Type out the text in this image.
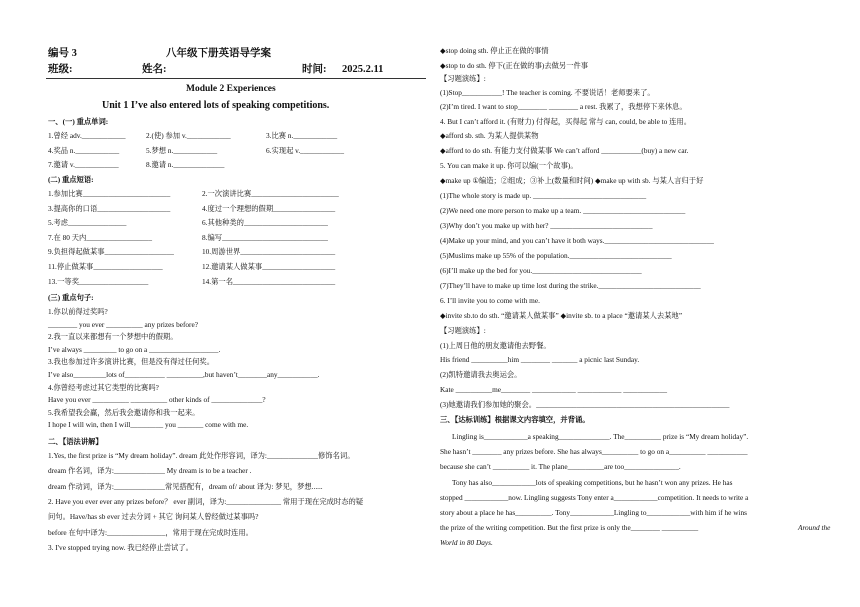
编号 3	八年级下册英语导学案
班级:	姓名:	时间: 2025.2.11
Module 2 Experiences
Unit 1 I’ve also entered lots of speaking competitions.
一、(一) 重点单词:
1.曾经 adv.____________	2.(使) 参加 v.____________	3.比赛 n.____________
4.奖品 n.____________	5.梦想 n.____________	6.实现起 v.____________
7.邀请 v.____________	8.邀请 n.______________
(二) 重点短语:
1.参加比赛________________________	2.一次演讲比赛________________________
3.提高你的口语____________________	4.度过一个理想的假期_________________
5.考虑________________	6.其他种类的_______________________
7.在 80 天内__________________	8.编写_____________________________
9.负担得起做某事___________________	10.周游世界__________________________
11.停止做某事___________________	12.邀请某人做某事____________________
13.一等奖___________________	14.第一名____________________________
(三) 重点句子:
1.你以前得过奖吗?
________ you ever __________ any prizes before?
2.我一直以来都想有一个梦想中的假期。
I’ve always _________ to go on a ___________________.
3.我也参加过许多演讲比赛，但是没有得过任何奖。
I’ve also_________lots of___________ __________,but haven’t________any___________.
4.你曾经考虑过其它类型的比赛吗?
Have you ever __________ __________ other kinds of ______________?
5.我希望我会赢，然后我会邀请你和我一起来。
I hope I will win, then I will_________ you _______ come with me.
二、【语法讲解】
1.Yes, the first prize is “My dream holiday”. dream 此处作形容词，译为:______________修饰名词。
dream 作名词，译为:______________ My dream is to be a teacher .
dream 作动词，译为:______________常见搭配有，dream of/ about 译为: 梦见，梦想......
2. Have you ever ever any prizes before？ ever 副词，译为:_______________ 常用于现在完成时态的疑
问句。Have/has sb ever 过去分词 + 其它 询问某人曾经做过某事吗?
before 在句中译为:________________，常用于现在完成时连用。
3. I've stopped trying now. 我已经停止尝试了。
◆stop doing sth. 停止正在做的事情
◆stop to do sth. 停下(正在做的事)去做另一件事
【习题演练】:
(1)Stop___________! The teacher is coming. 不要说话！老师要来了。
(2)I’m tired. I want to stop________ ________ a rest. 我累了，我想停下来休息。
4. But I can’t afford it. (有财力) 付得起，买得起 常与 can, could, be able to 连用。
◆afford sb. sth. 为某人提供某物
◆afford to do sth. 有能力支付做某事 We can’t afford ___________(buy) a new car.
5. You can make it up. 你可以编(一个故事)。
◆make up ①编造；②组成；③补上(数量和时间) ◆make up with sb. 与某人言归于好
(1)The whole story is made up. _______________________________
(2)We need one more person to make up a team. ____________________________
(3)Why don’t you make up with her? ____________________________
(4)Make up your mind, and you can’t have it both ways.______________________________
(5)Muslims make up 55% of the population.____________________________
(6)I’ll make up the bed for you.______________________________
(7)They’ll have to make up time lost during the strike.____________________________
6. I’ll invite you to come with me.
◆invite sb.to do sth. “邀请某人做某事” ◆invite sb. to a place “邀请某人去某地”
【习题演练】:
(1)上周日他的朋友邀请他去野餐。
His friend __________him ________ _______ a picnic last Sunday.
(2)凯特邀请我去奥运会。
Kate __________me________ ____________ ____________ ____________
(3)她邀请我们参加她的聚会。_____________________________________________________
三、【达标训练】根据课文内容填空，并背诵。
Lingling is____________a speaking______________. The__________ prize is “My dream holiday”.
She hasn’t ________ any prizes before. She has always__________ to go on a__________ ___________
because she can’t __________ it. The plane__________are too_______________.
Tony has also____________lots of speaking competitions, but he hasn’t won any prizes. He has
stopped ____________now. Lingling suggests Tony enter a____________competition. It needs to write a
story about a place he has__________. Tony____________Lingling to____________with him if he wins
the prize of the writing competition. But the first prize is only the________ __________
World in 80 Days.
Around the
